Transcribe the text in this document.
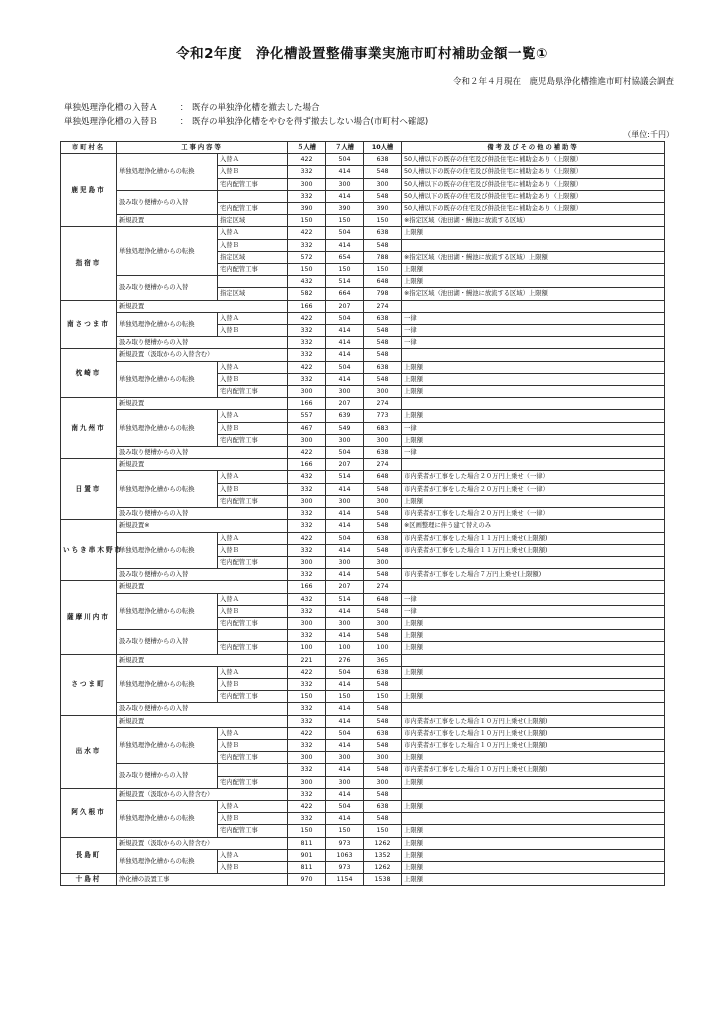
令和2年度　浄化槽設置整備事業実施市町村補助金額一覧①
令和２年４月現在　鹿児島県浄化槽推進市町村協議会調査
単独処理浄化槽の入替Ａ	： 既存の単独浄化槽を撤去した場合
単独処理浄化槽の入替Ｂ	： 既存の単独浄化槽をやむを得ず撤去しない場合(市町村へ確認)
（単位:千円）
市町村名	工事内容等		５人槽	７人槽	10人槽	備考及びその他の補助等
鹿児島市	単独処理浄化槽からの転換	入替Ａ	422	504	638	50人槽以下の既存の住宅及び併設住宅に補助金あり（上限額）
		入替Ｂ	332	414	548	50人槽以下の既存の住宅及び併設住宅に補助金あり（上限額）
		宅内配管工事	300	300	300	50人槽以下の既存の住宅及び併設住宅に補助金あり（上限額）
	汲み取り便槽からの入替		332	414	548	50人槽以下の既存の住宅及び併設住宅に補助金あり（上限額）
		宅内配管工事	390	390	390	50人槽以下の既存の住宅及び併設住宅に補助金あり（上限額）
	新規設置	指定区域	150	150	150	※指定区域（池田湖・鰻池に放流する区域）
指宿市	単独処理浄化槽からの転換	入替Ａ	422	504	638	上限額
		入替Ｂ	332	414	548	
		指定区域	572	654	788	※指定区域（池田湖・鰻池に放流する区域）上限額
		宅内配管工事	150	150	150	上限額
	汲み取り便槽からの入替		432	514	648	上限額
		指定区域	582	664	798	※指定区域（池田湖・鰻池に放流する区域）上限額
南さつま市	新規設置		166	207	274	
	単独処理浄化槽からの転換	入替Ａ	422	504	638	一律
		入替Ｂ	332	414	548	一律
	汲み取り便槽からの入替		332	414	548	一律
枕崎市	新規設置（汲取からの入替含む）		332	414	548	
	単独処理浄化槽からの転換	入替Ａ	422	504	638	上限額
		入替Ｂ	332	414	548	上限額
		宅内配管工事	300	300	300	上限額
南九州市	新規設置		166	207	274	
	単独処理浄化槽からの転換	入替Ａ	557	639	773	上限額
		入替Ｂ	467	549	683	一律
		宅内配管工事	300	300	300	上限額
	汲み取り便槽からの入替		422	504	638	一律
日置市	新規設置		166	207	274	
	単独処理浄化槽からの転換	入替Ａ	432	514	648	市内業者が工事をした場合２０万円上乗せ（一律）
		入替Ｂ	332	414	548	市内業者が工事をした場合２０万円上乗せ（一律）
		宅内配管工事	300	300	300	上限額
	汲み取り便槽からの入替		332	414	548	市内業者が工事をした場合２０万円上乗せ（一律）
いちき串木野市	新規設置※		332	414	548	※区画整理に伴う建て替えのみ
	単独処理浄化槽からの転換	入替Ａ	422	504	638	市内業者が工事をした場合１１万円上乗せ(上限額)
		入替Ｂ	332	414	548	市内業者が工事をした場合１１万円上乗せ(上限額)
		宅内配管工事	300	300	300	
	汲み取り便槽からの入替		332	414	548	市内業者が工事をした場合７万円上乗せ(上限額)
薩摩川内市	新規設置		166	207	274	
	単独処理浄化槽からの転換	入替Ａ	432	514	648	一律
		入替Ｂ	332	414	548	一律
		宅内配管工事	300	300	300	上限額
	汲み取り便槽からの入替		332	414	548	上限額
		宅内配管工事	100	100	100	上限額
さつま町	新規設置		221	276	365	
	単独処理浄化槽からの転換	入替Ａ	422	504	638	上限額
		入替Ｂ	332	414	548	
		宅内配管工事	150	150	150	上限額
	汲み取り便槽からの入替		332	414	548	
出水市	新規設置		332	414	548	市内業者が工事をした場合１０万円上乗せ(上限額)
	単独処理浄化槽からの転換	入替Ａ	422	504	638	市内業者が工事をした場合１０万円上乗せ(上限額)
		入替Ｂ	332	414	548	市内業者が工事をした場合１０万円上乗せ(上限額)
		宅内配管工事	300	300	300	上限額
	汲み取り便槽からの入替		332	414	548	市内業者が工事をした場合１０万円上乗せ(上限額)
		宅内配管工事	300	300	300	上限額
阿久根市	新規設置（汲取からの入替含む）		332	414	548	
	単独処理浄化槽からの転換	入替Ａ	422	504	638	上限額
		入替Ｂ	332	414	548	
		宅内配管工事	150	150	150	上限額
長島町	新規設置（汲取からの入替含む）		811	973	1262	上限額
	単独処理浄化槽からの転換	入替Ａ	901	1063	1352	上限額
		入替Ｂ	811	973	1262	上限額
十島村	浄化槽の設置工事		970	1154	1538	上限額
